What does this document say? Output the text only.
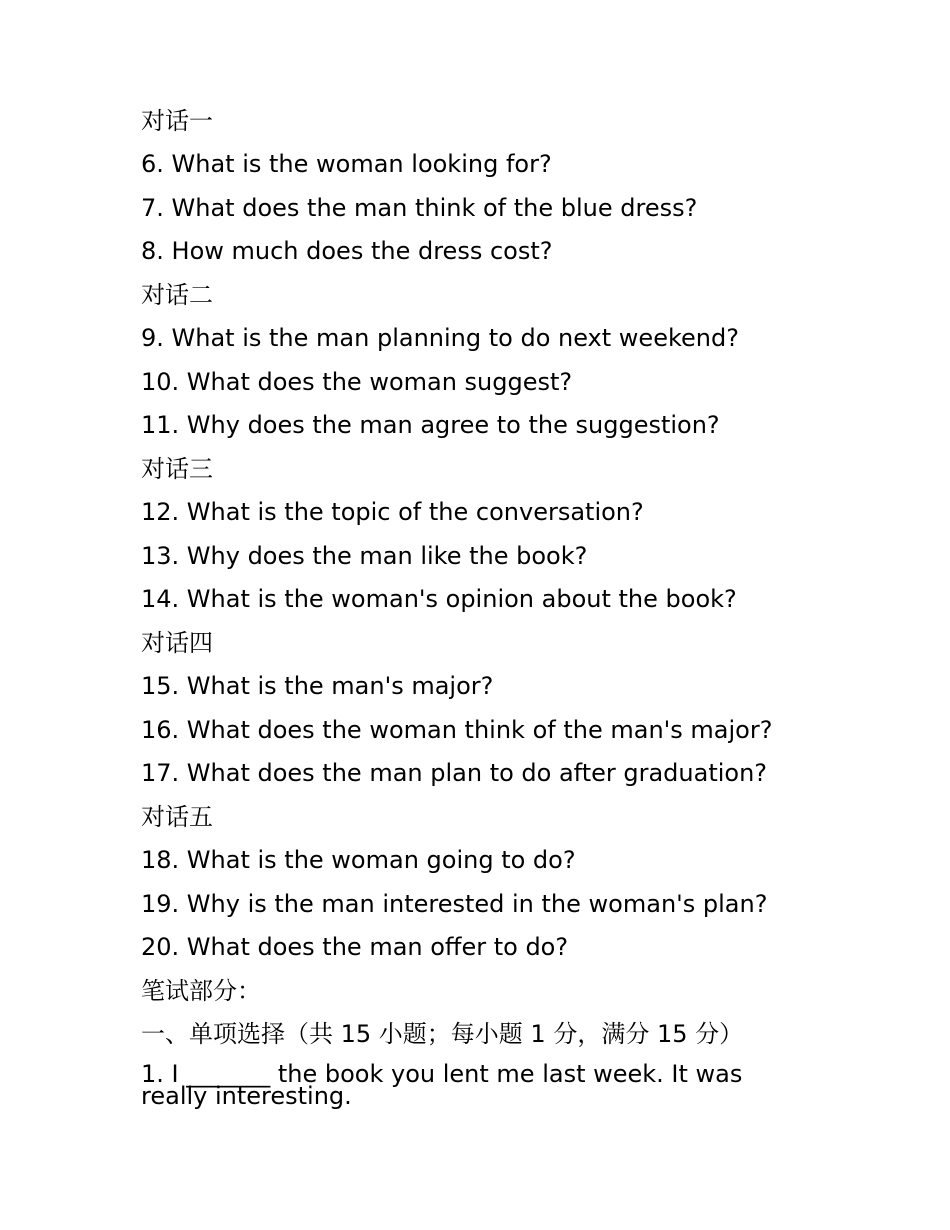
对话一
6. What is the woman looking for?
7. What does the man think of the blue dress?
8. How much does the dress cost?
对话二
9. What is the man planning to do next weekend?
10. What does the woman suggest?
11. Why does the man agree to the suggestion?
对话三
12. What is the topic of the conversation?
13. Why does the man like the book?
14. What is the woman's opinion about the book?
对话四
15. What is the man's major?
16. What does the woman think of the man's major?
17. What does the man plan to do after graduation?
对话五
18. What is the woman going to do?
19. Why is the man interested in the woman's plan?
20. What does the man offer to do?
笔试部分：
一、单项选择（共 15 小题；每小题 1 分，满分 15 分）
1. I _______ the book you lent me last week. It was really interesting.
